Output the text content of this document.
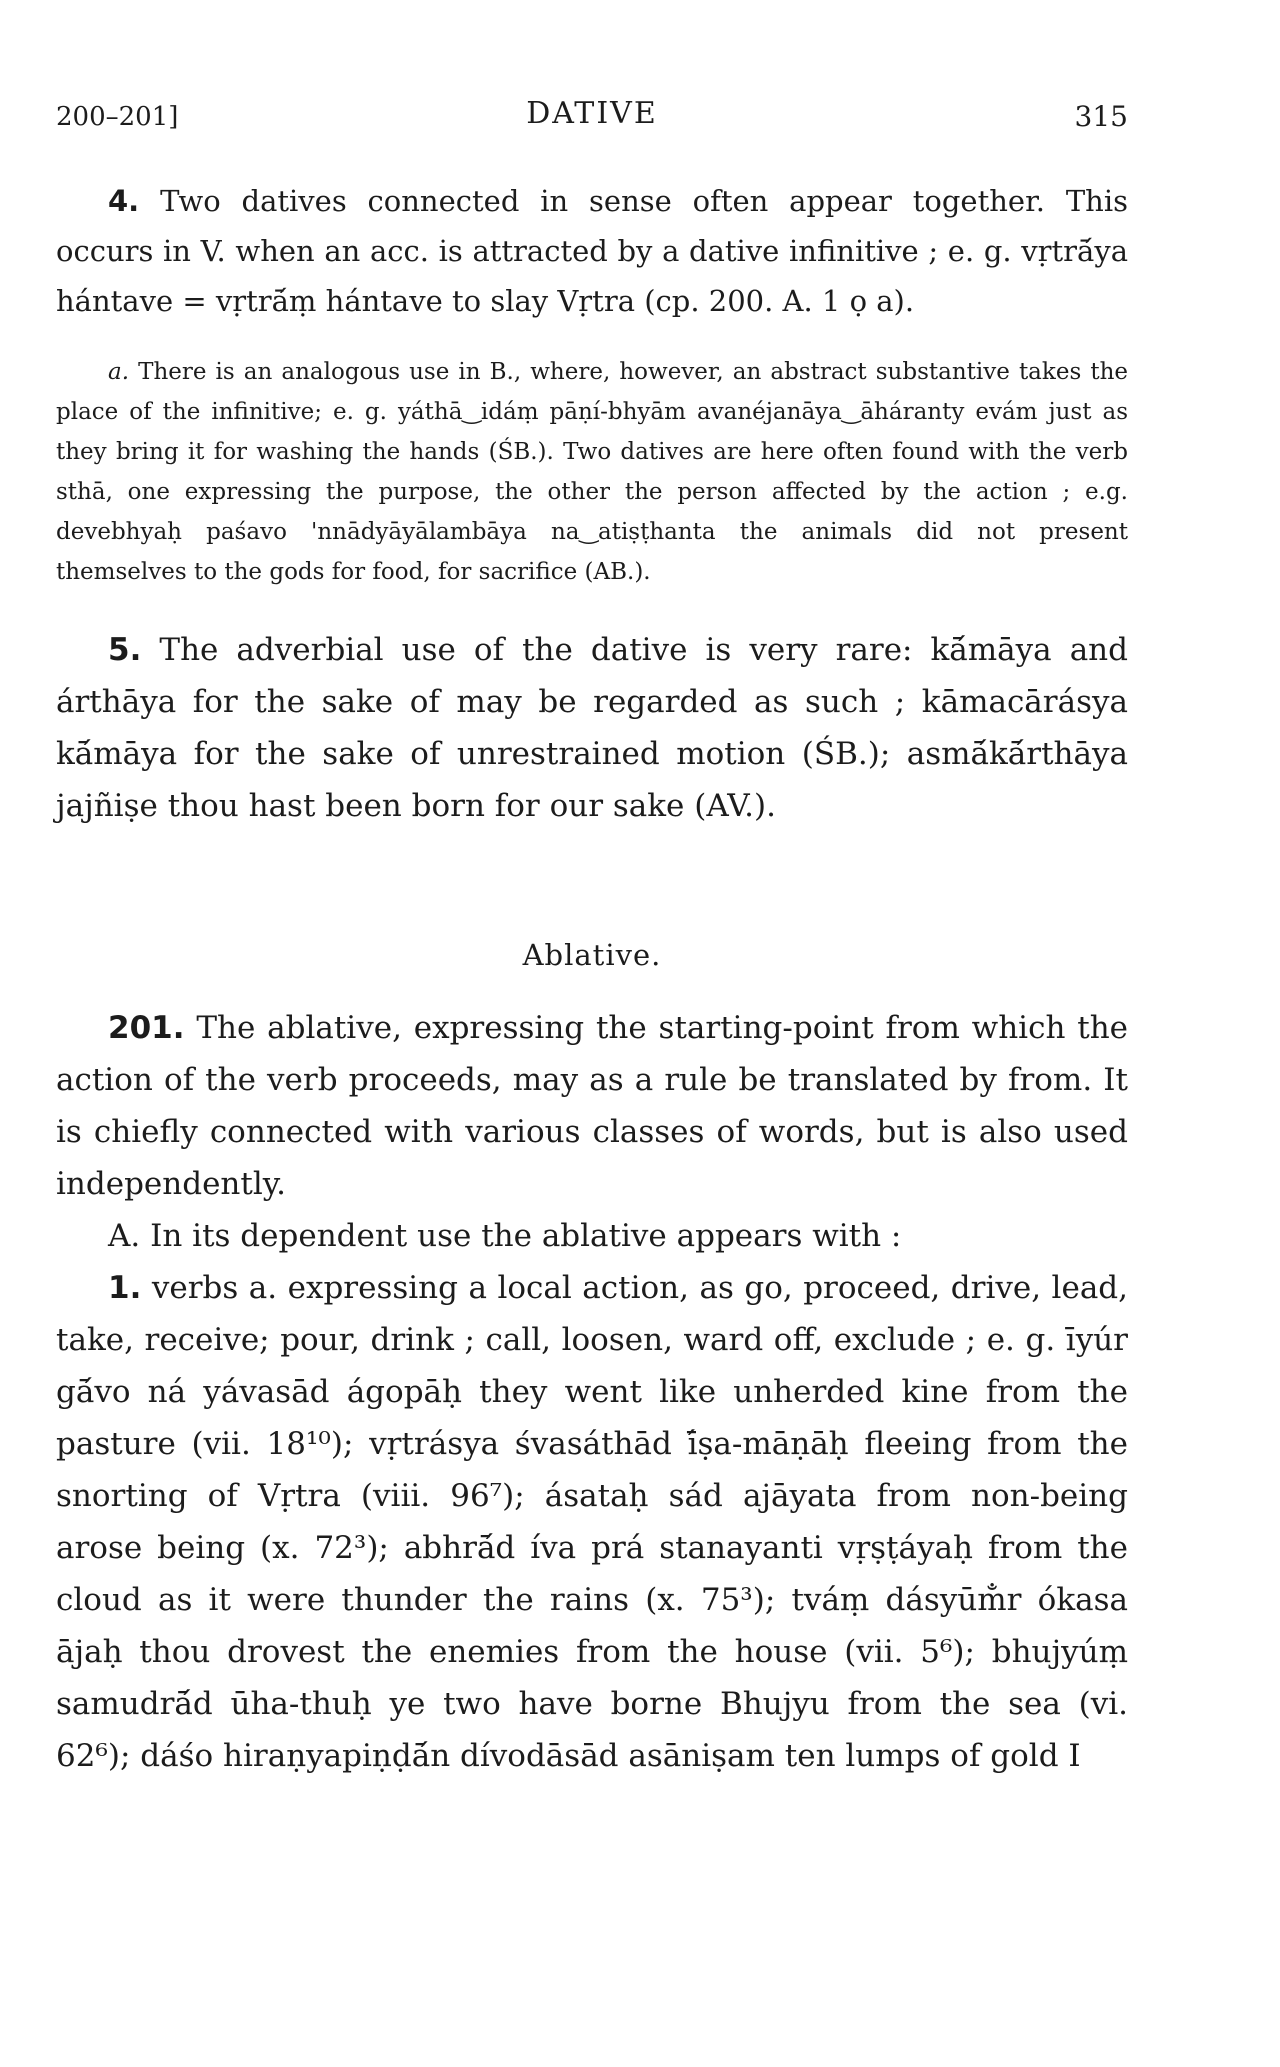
200–201]	DATIVE	315

4. Two datives connected in sense often appear together. This occurs in V. when an acc. is attracted by a dative infinitive ; e. g. vṛtrā́ya hántave = vṛtrā́ṃ hántave to slay Vṛtra (cp. 200. A. 1 ọ a).

a. There is an analogous use in B., where, however, an abstract substantive takes the place of the infinitive; e. g. yáthā‿idáṃ pāṇí-bhyām avanéjanāya‿āháranty evám just as they bring it for washing the hands (ŚB.). Two datives are here often found with the verb sthā, one expressing the purpose, the other the person affected by the action ; e.g. devebhyaḥ paśavo 'nnādyāyālambāya na‿atiṣṭhanta the animals did not present themselves to the gods for food, for sacrifice (AB.).

5. The adverbial use of the dative is very rare: kā́māya and árthāya for the sake of may be regarded as such ; kāmacārásya kā́māya for the sake of unrestrained motion (ŚB.); asmā́kā́rthāya jajñiṣe thou hast been born for our sake (AV.).

Ablative.

201. The ablative, expressing the starting-point from which the action of the verb proceeds, may as a rule be translated by from. It is chiefly connected with various classes of words, but is also used independently.

A. In its dependent use the ablative appears with :

1. verbs a. expressing a local action, as go, proceed, drive, lead, take, receive; pour, drink ; call, loosen, ward off, exclude ; e. g. īyúr gā́vo ná yávasād ágopāḥ they went like unherded kine from the pasture (vii. 18¹⁰); vṛtrásya śvasáthād ī́ṣa-māṇāḥ fleeing from the snorting of Vṛtra (viii. 96⁷); ásataḥ sád ajāyata from non-being arose being (x. 72³); abhrā́d íva prá stanayanti vṛṣṭáyaḥ from the cloud as it were thunder the rains (x. 75³); tváṃ dásyūm̐r ókasa ājaḥ thou drovest the enemies from the house (vii. 5⁶); bhujyúṃ samudrā́d ūha-thuḥ ye two have borne Bhujyu from the sea (vi. 62⁶); dáśo hiraṇyapiṇḍā́n dívodāsād asāniṣam ten lumps of gold I
